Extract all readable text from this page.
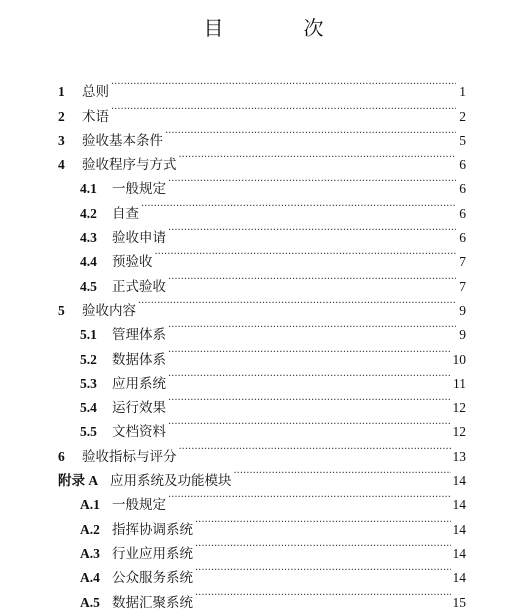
目　次
1	总则 ·····	1
2	术语 ·····	2
3	验收基本条件 ·····	5
4	验收程序与方式 ·····	6
4.1	一般规定 ·····	6
4.2	自查 ·····	6
4.3	验收申请 ·····	6
4.4	预验收 ·····	7
4.5	正式验收 ·····	7
5	验收内容 ·····	9
5.1	管理体系 ·····	9
5.2	数据体系 ·····	10
5.3	应用系统 ·····	11
5.4	运行效果 ·····	12
5.5	文档资料 ·····	12
6	验收指标与评分 ·····	13
附录 A 应用系统及功能模块 ·····	14
A.1 一般规定 ·····	14
A.2 指挥协调系统 ·····	14
A.3 行业应用系统 ·····	14
A.4 公众服务系统 ·····	14
A.5 数据汇聚系统 ·····	15
